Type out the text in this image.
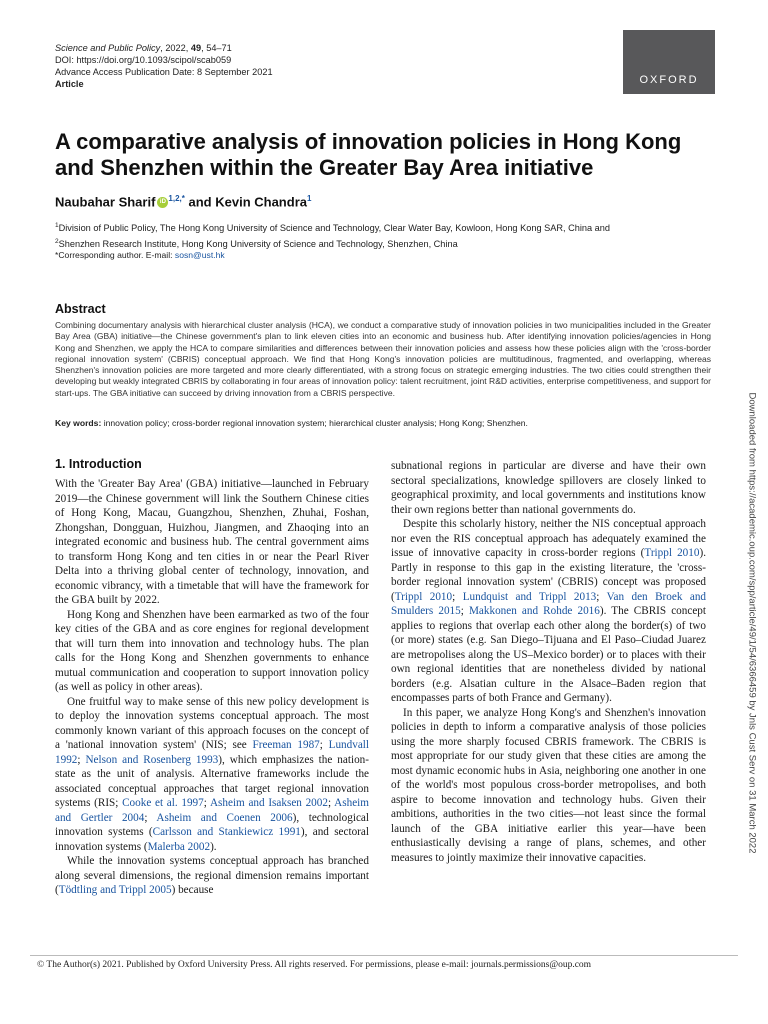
Science and Public Policy, 2022, 49, 54–71
DOI: https://doi.org/10.1093/scipol/scab059
Advance Access Publication Date: 8 September 2021
Article	OXFORD
A comparative analysis of innovation policies in Hong Kong and Shenzhen within the Greater Bay Area initiative
Naubahar Sharif iD $^{1,2,*}$ and Kevin Chandra$^1$
$^1$Division of Public Policy, The Hong Kong University of Science and Technology, Clear Water Bay, Kowloon, Hong Kong SAR, China and
$^2$Shenzhen Research Institute, Hong Kong University of Science and Technology, Shenzhen, China
*Corresponding author. E-mail: sosn@ust.hk
Abstract
Combining documentary analysis with hierarchical cluster analysis (HCA), we conduct a comparative study of innovation policies in two municipalities included in the Greater Bay Area (GBA) initiative—the Chinese government's plan to link eleven cities into an economic and business hub. After identifying innovation policies/agencies in Hong Kong and Shenzhen, we apply the HCA to compare similarities and differences between their innovation policies and assess how these policies align with the 'cross-border regional innovation system' (CBRIS) conceptual approach. We find that Hong Kong's innovation policies are multitudinous, fragmented, and overlapping, whereas Shenzhen's innovation policies are more targeted and more clearly differentiated, with a strong focus on strategic emerging industries. The two cities could strengthen their developing but weakly integrated CBRIS by collaborating in four areas of innovation policy: talent recruitment, joint R&D activities, enterprise competitiveness, and support for start-ups. The GBA initiative can succeed by driving innovation from a CBRIS perspective.
Key words: innovation policy; cross-border regional innovation system; hierarchical cluster analysis; Hong Kong; Shenzhen.
1. Introduction

With the 'Greater Bay Area' (GBA) initiative—launched in February 2019—the Chinese government will link the Southern Chinese cities of Hong Kong, Macau, Guangzhou, Shenzhen, Zhuhai, Foshan, Zhongshan, Dongguan, Huizhou, Jiangmen, and Zhaoqing into an integrated economic and business hub. The central government aims to transform Hong Kong and ten cities in or near the Pearl River Delta into a thriving global center of technology, innovation, and economic vibrancy, with a timetable that will have the framework for the GBA built by 2022.

Hong Kong and Shenzhen have been earmarked as two of the four key cities of the GBA and as core engines for regional development that will turn them into innovation and technology hubs. The plan calls for the Hong Kong and Shenzhen governments to enhance mutual communication and cooperation to support innovation policy (as well as policy in other areas).

One fruitful way to make sense of this new policy development is to deploy the innovation systems conceptual approach. The most commonly known variant of this approach focuses on the concept of a 'national innovation system' (NIS; see Freeman 1987; Lundvall 1992; Nelson and Rosenberg 1993), which emphasizes the nation-state as the unit of analysis. Alternative frameworks include the associated conceptual approaches that target regional innovation systems (RIS; Cooke et al. 1997; Asheim and Isaksen 2002; Asheim and Gertler 2004; Asheim and Coenen 2006), technological innovation systems (Carlsson and Stankiewicz 1991), and sectoral innovation systems (Malerba 2002).

While the innovation systems conceptual approach has branched along several dimensions, the regional dimension remains important (Tödtling and Trippl 2005) because

subnational regions in particular are diverse and have their own sectoral specializations, knowledge spillovers are closely linked to geographical proximity, and local governments and institutions know their own regions better than national governments do.

Despite this scholarly history, neither the NIS conceptual approach nor even the RIS conceptual approach has adequately examined the issue of innovative capacity in cross-border regions (Trippl 2010). Partly in response to this gap in the existing literature, the 'cross-border regional innovation system' (CBRIS) concept was proposed (Trippl 2010; Lundquist and Trippl 2013; Van den Broek and Smulders 2015; Makkonen and Rohde 2016). The CBRIS concept applies to regions that overlap each other along the border(s) of two (or more) states (e.g. San Diego–Tijuana and El Paso–Ciudad Juarez are metropolises along the US–Mexico border) or to places with their own regional identities that are nonetheless divided by national borders (e.g. Alsatian culture in the Alsace–Baden region that encompasses parts of both France and Germany).

In this paper, we analyze Hong Kong's and Shenzhen's innovation policies in depth to inform a comparative analysis of those policies using the more sharply focused CBRIS framework. The CBRIS is most appropriate for our study given that these cities are among the most dynamic economic hubs in Asia, neighboring one another in one of the world's most populous cross-border metropolises, and both aspire to become innovation and technology hubs. Given their ambitions, authorities in the two cities—not least since the formal launch of the GBA initiative earlier this year—have been enthusiastically devising a range of plans, schemes, and other measures to jointly maximize their innovative capacities.

© The Author(s) 2021. Published by Oxford University Press. All rights reserved. For permissions, please e-mail: journals.permissions@oup.com
Downloaded from https://academic.oup.com/spp/article/49/1/54/6366459 by Jnls Cust Serv on 31 March 2022
